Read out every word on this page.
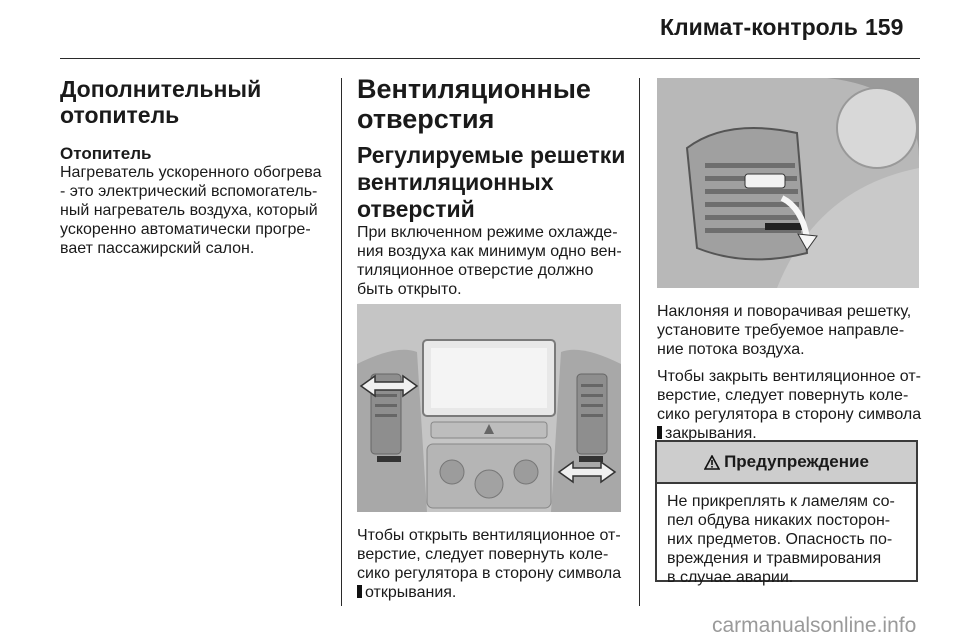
Климат-контроль 159
Дополнительный
отопитель
Отопитель

Нагреватель ускоренного обогрева
- это электрический вспомогатель-
ный нагреватель воздуха, который
ускоренно автоматически прогре-
вает пассажирский салон.

Вентиляционные
отверстия
Регулируемые решетки
вентиляционных
отверстий

При включенном режиме охлажде-
ния воздуха как минимум одно вен-
тиляционное отверстие должно
быть открыто.

Чтобы открыть вентиляционное от-
верстие, следует повернуть коле-
сико регулятора в сторону символа

открывания.

Наклоняя и поворачивая решетку,
установите требуемое направле-
ние потока воздуха.

Чтобы закрыть вентиляционное от-
верстие, следует повернуть коле-
сико регулятора в сторону символа

закрывания.

Предупреждение

Не прикреплять к ламелям со-
пел обдува никаких посторон-
них предметов. Опасность по-
вреждения и травмирования
в случае аварии.

carmanualsonline.info
